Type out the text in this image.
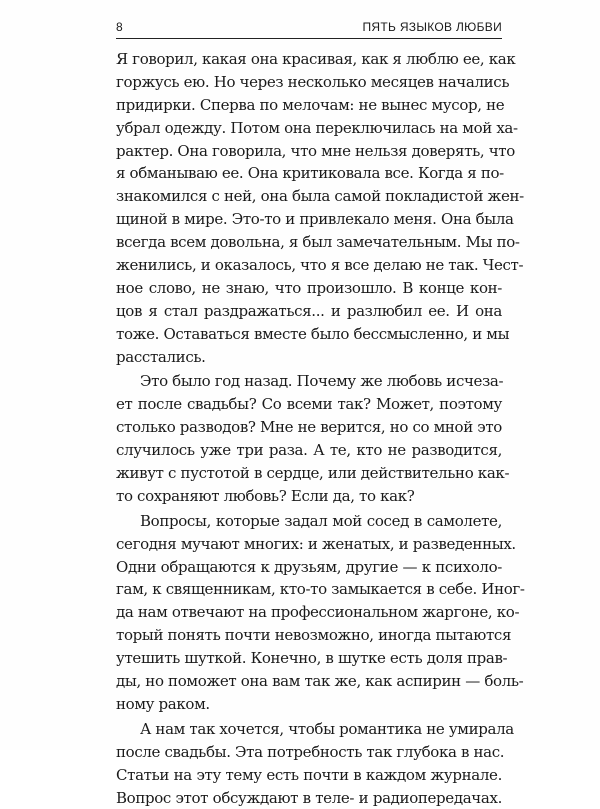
8	ПЯТЬ ЯЗЫКОВ ЛЮБВИ
Я говорил, какая она красивая, как я люблю ее, как
горжусь ею. Но через несколько месяцев начались
придирки. Сперва по мелочам: не вынес мусор, не
убрал одежду. Потом она переключилась на мой ха-
рактер. Она говорила, что мне нельзя доверять, что
я обманываю ее. Она критиковала все. Когда я по-
знакомился с ней, она была самой покладистой жен-
щиной в мире. Это-то и привлекало меня. Она была
всегда всем довольна, я был замечательным. Мы по-
женились, и оказалось, что я все делаю не так. Чест-
ное слово, не знаю, что произошло. В конце кон-
цов я стал раздражаться... и разлюбил ее. И она
тоже. Оставаться вместе было бессмысленно, и мы
расстались.
Это было год назад. Почему же любовь исчеза-
ет после свадьбы? Со всеми так? Может, поэтому
столько разводов? Мне не верится, но со мной это
случилось уже три раза. А те, кто не разводится,
живут с пустотой в сердце, или действительно как-
то сохраняют любовь? Если да, то как?
Вопросы, которые задал мой сосед в самолете,
сегодня мучают многих: и женатых, и разведенных.
Одни обращаются к друзьям, другие — к психоло-
гам, к священникам, кто-то замыкается в себе. Иног-
да нам отвечают на профессиональном жаргоне, ко-
торый понять почти невозможно, иногда пытаются
утешить шуткой. Конечно, в шутке есть доля прав-
ды, но поможет она вам так же, как аспирин — боль-
ному раком.
А нам так хочется, чтобы романтика не умирала
после свадьбы. Эта потребность так глубока в нас.
Статьи на эту тему есть почти в каждом журнале.
Вопрос этот обсуждают в теле- и радиопередачах.
